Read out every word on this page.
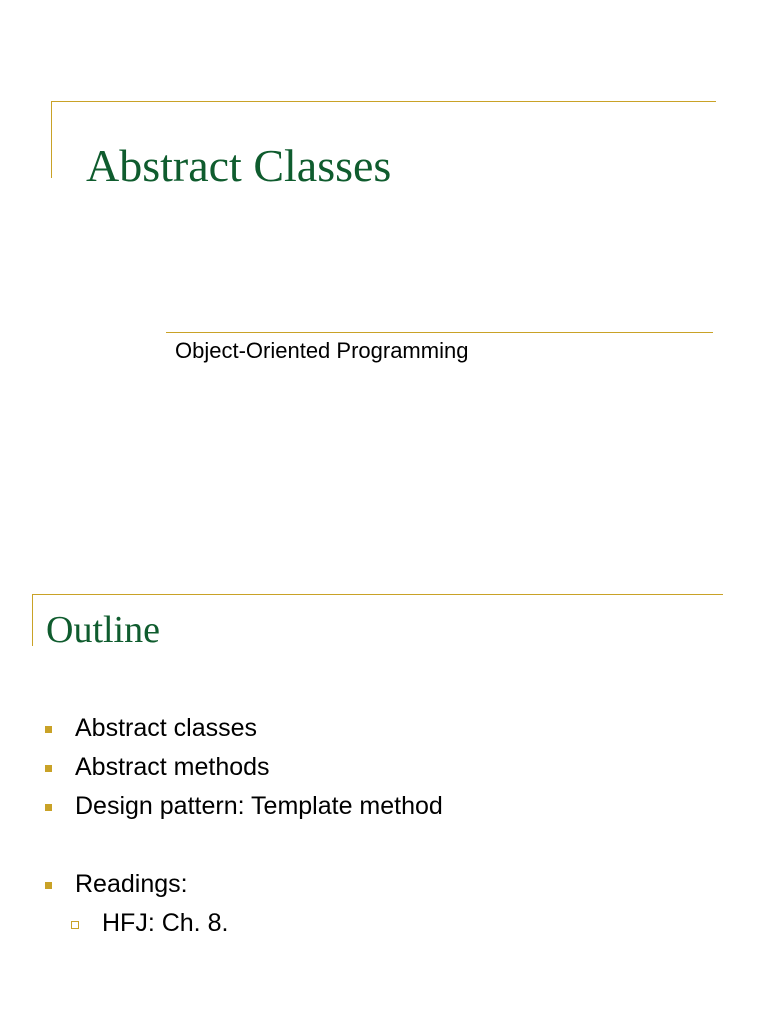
Abstract Classes
Object-Oriented Programming
Outline
Abstract classes
Abstract methods
Design pattern: Template method
Readings:
HFJ: Ch. 8.
